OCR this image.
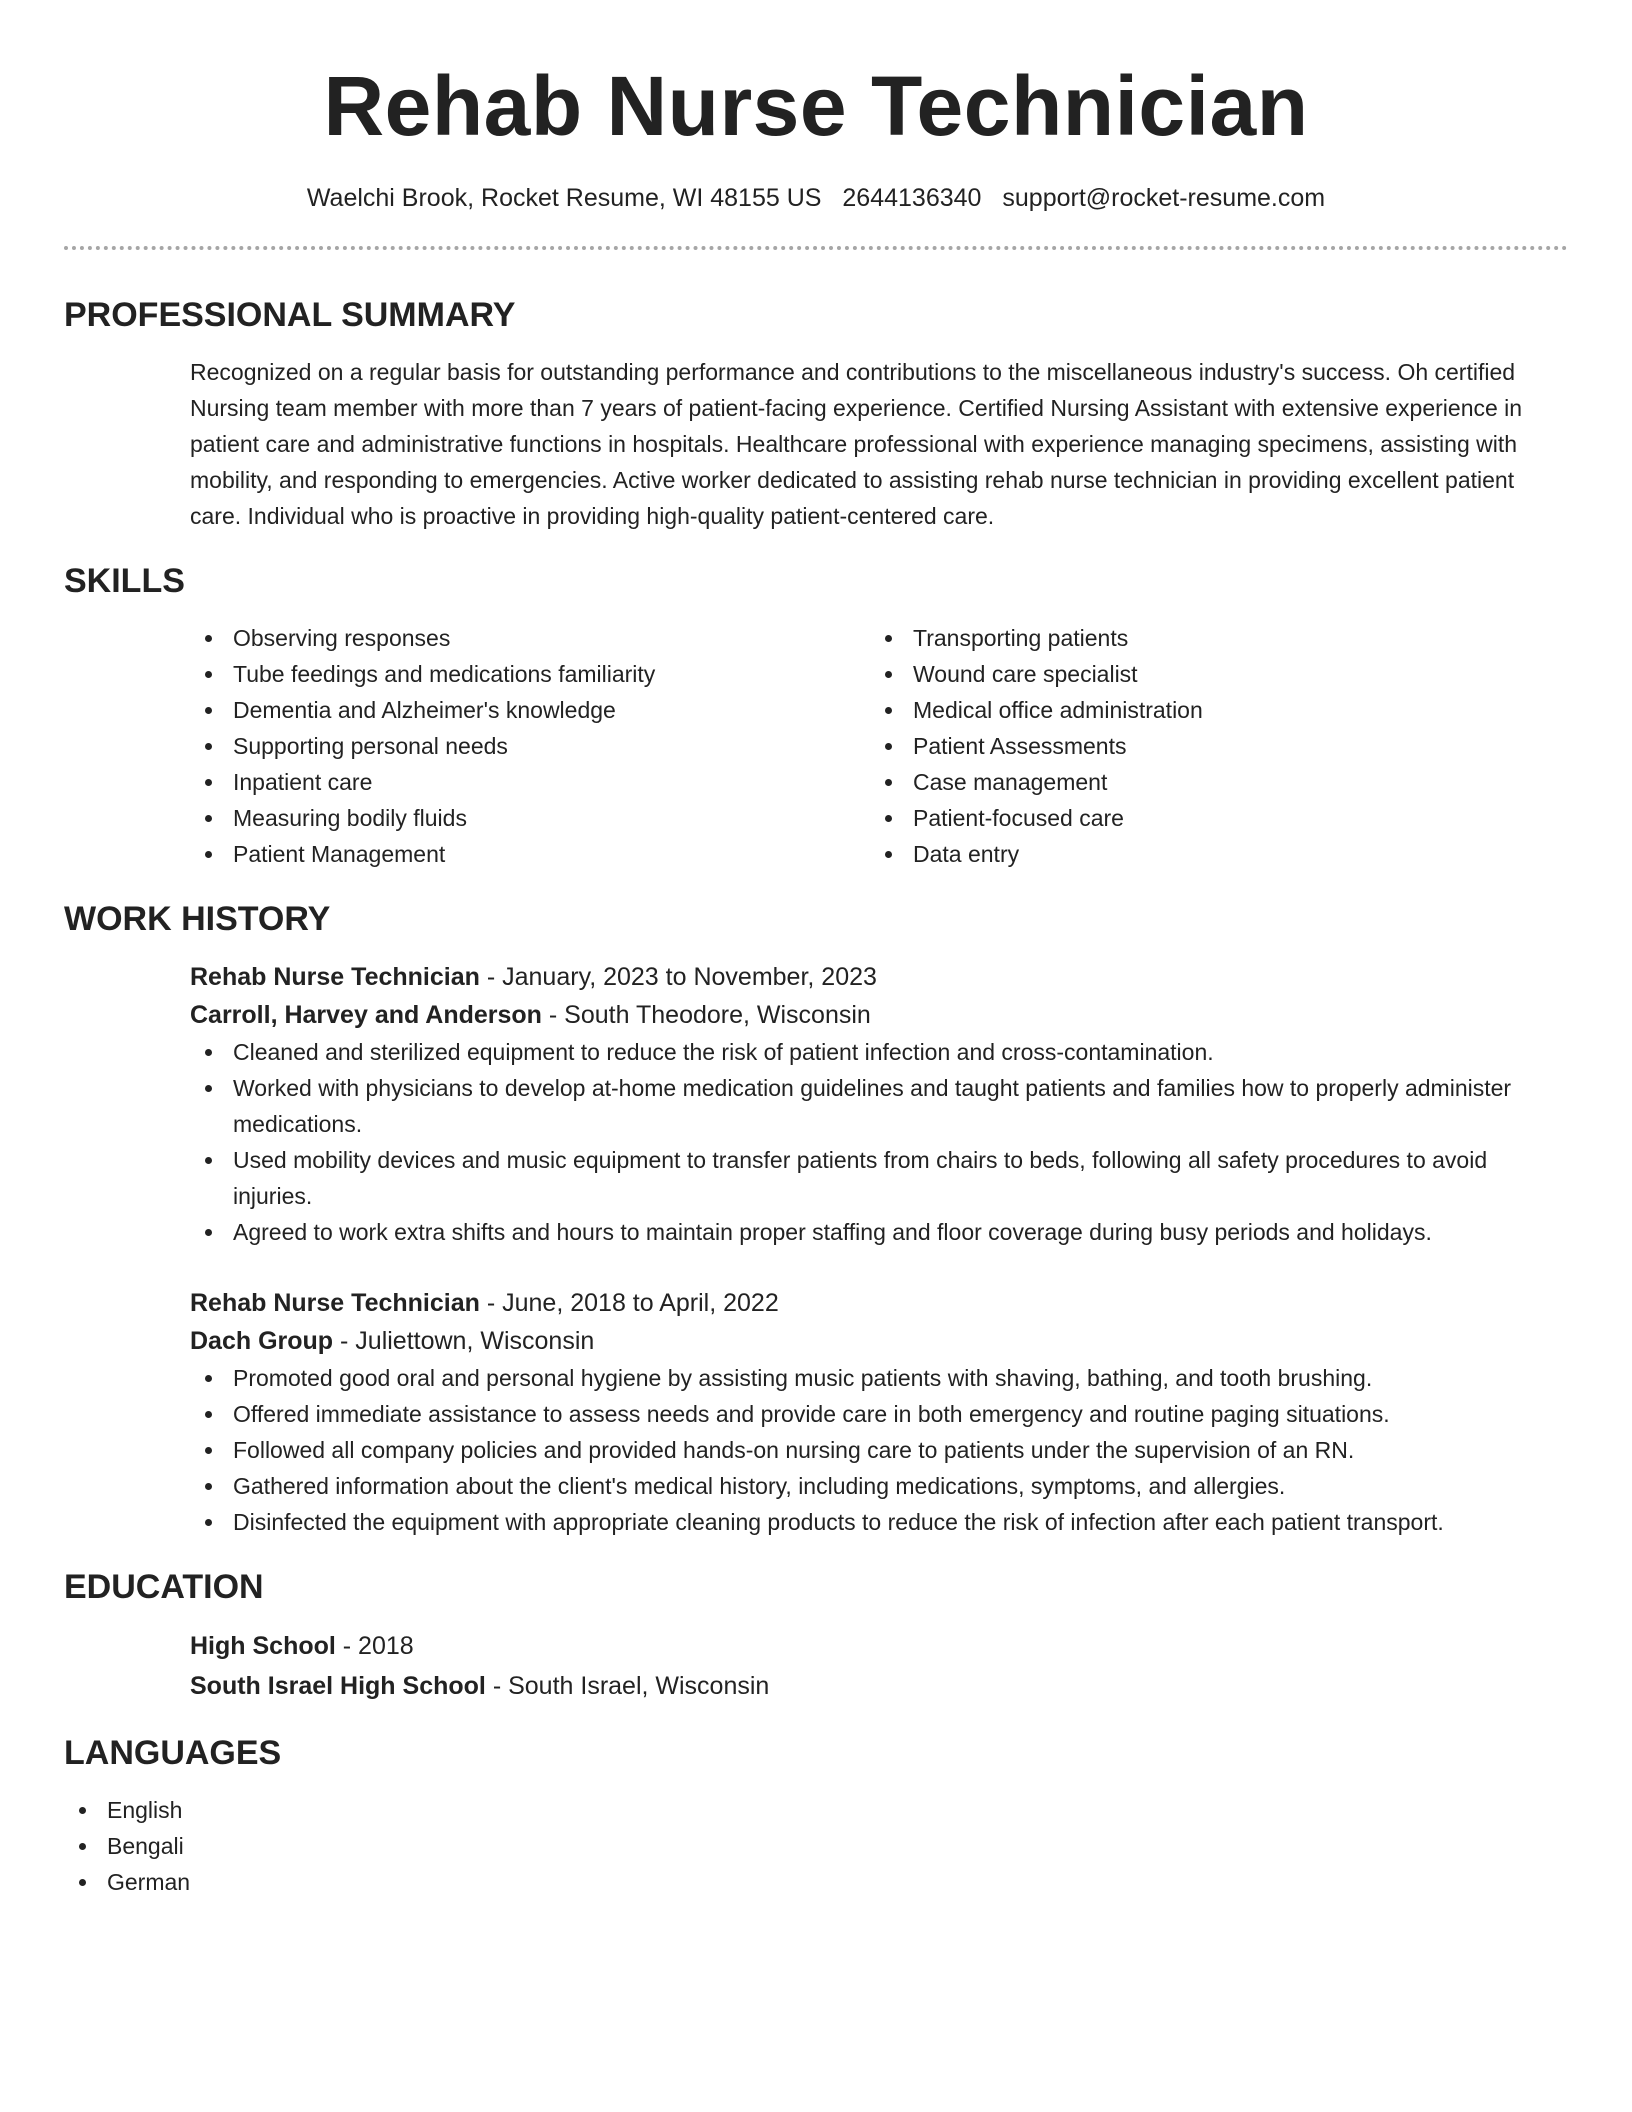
Rehab Nurse Technician
Waelchi Brook, Rocket Resume, WI 48155 US 2644136340 support@rocket-resume.com
PROFESSIONAL SUMMARY
Recognized on a regular basis for outstanding performance and contributions to the miscellaneous industry's success. Oh certified Nursing team member with more than 7 years of patient-facing experience. Certified Nursing Assistant with extensive experience in patient care and administrative functions in hospitals. Healthcare professional with experience managing specimens, assisting with mobility, and responding to emergencies. Active worker dedicated to assisting rehab nurse technician in providing excellent patient care. Individual who is proactive in providing high-quality patient-centered care.
SKILLS
Observing responses
Tube feedings and medications familiarity
Dementia and Alzheimer's knowledge
Supporting personal needs
Inpatient care
Measuring bodily fluids
Patient Management
Transporting patients
Wound care specialist
Medical office administration
Patient Assessments
Case management
Patient-focused care
Data entry
WORK HISTORY
Rehab Nurse Technician - January, 2023 to November, 2023
Carroll, Harvey and Anderson - South Theodore, Wisconsin
Cleaned and sterilized equipment to reduce the risk of patient infection and cross-contamination.
Worked with physicians to develop at-home medication guidelines and taught patients and families how to properly administer medications.
Used mobility devices and music equipment to transfer patients from chairs to beds, following all safety procedures to avoid injuries.
Agreed to work extra shifts and hours to maintain proper staffing and floor coverage during busy periods and holidays.
Rehab Nurse Technician - June, 2018 to April, 2022
Dach Group - Juliettown, Wisconsin
Promoted good oral and personal hygiene by assisting music patients with shaving, bathing, and tooth brushing.
Offered immediate assistance to assess needs and provide care in both emergency and routine paging situations.
Followed all company policies and provided hands-on nursing care to patients under the supervision of an RN.
Gathered information about the client's medical history, including medications, symptoms, and allergies.
Disinfected the equipment with appropriate cleaning products to reduce the risk of infection after each patient transport.
EDUCATION
High School - 2018
South Israel High School - South Israel, Wisconsin
LANGUAGES
English
Bengali
German
